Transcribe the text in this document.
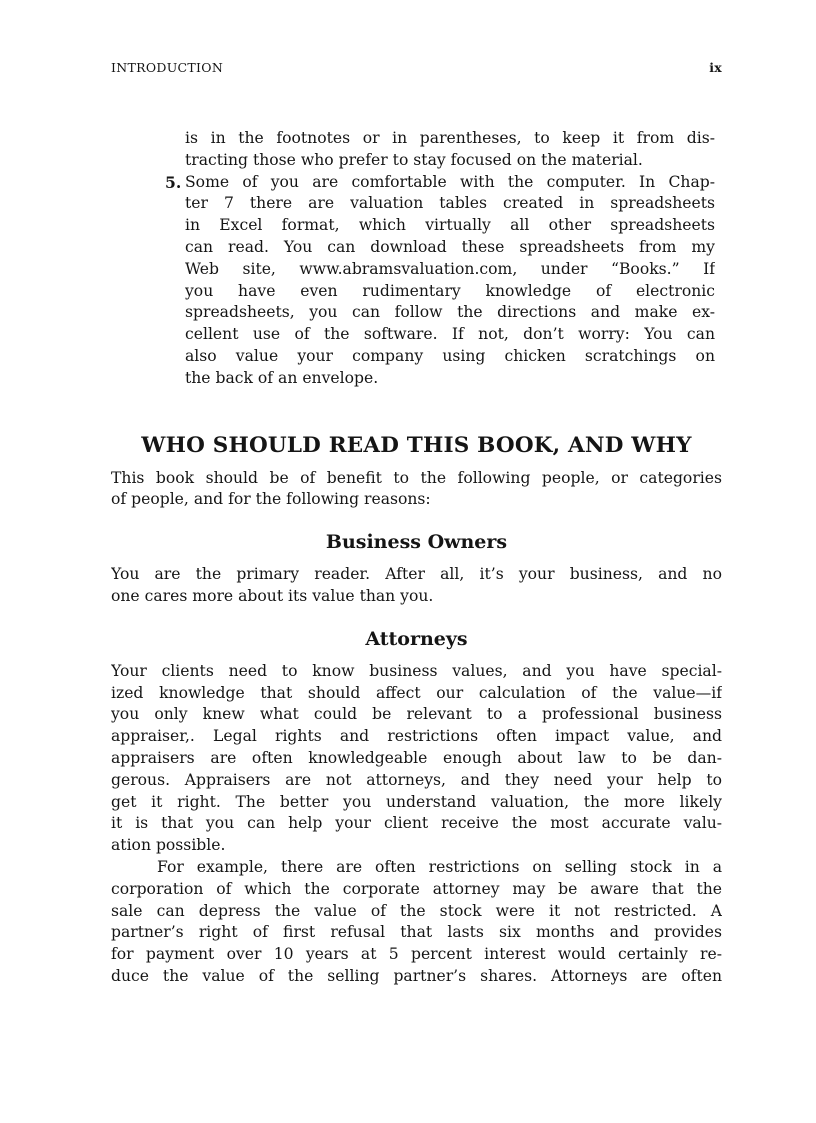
INTRODUCTION	ix
is in the footnotes or in parentheses, to keep it from dis-
tracting those who prefer to stay focused on the material.
5. Some of you are comfortable with the computer. In Chap-
ter 7 there are valuation tables created in spreadsheets
in Excel format, which virtually all other spreadsheets
can read. You can download these spreadsheets from my
Web site, www.abramsvaluation.com, under “Books.” If
you have even rudimentary knowledge of electronic
spreadsheets, you can follow the directions and make ex-
cellent use of the software. If not, don’t worry: You can
also value your company using chicken scratchings on
the back of an envelope.
WHO SHOULD READ THIS BOOK, AND WHY
This book should be of benefit to the following people, or categories
of people, and for the following reasons:
Business Owners
You are the primary reader. After all, it’s your business, and no
one cares more about its value than you.
Attorneys
Your clients need to know business values, and you have special-
ized knowledge that should affect our calculation of the value—if
you only knew what could be relevant to a professional business
appraiser,. Legal rights and restrictions often impact value, and
appraisers are often knowledgeable enough about law to be dan-
gerous. Appraisers are not attorneys, and they need your help to
get it right. The better you understand valuation, the more likely
it is that you can help your client receive the most accurate valu-
ation possible.
For example, there are often restrictions on selling stock in a
corporation of which the corporate attorney may be aware that the
sale can depress the value of the stock were it not restricted. A
partner’s right of first refusal that lasts six months and provides
for payment over 10 years at 5 percent interest would certainly re-
duce the value of the selling partner’s shares. Attorneys are often
